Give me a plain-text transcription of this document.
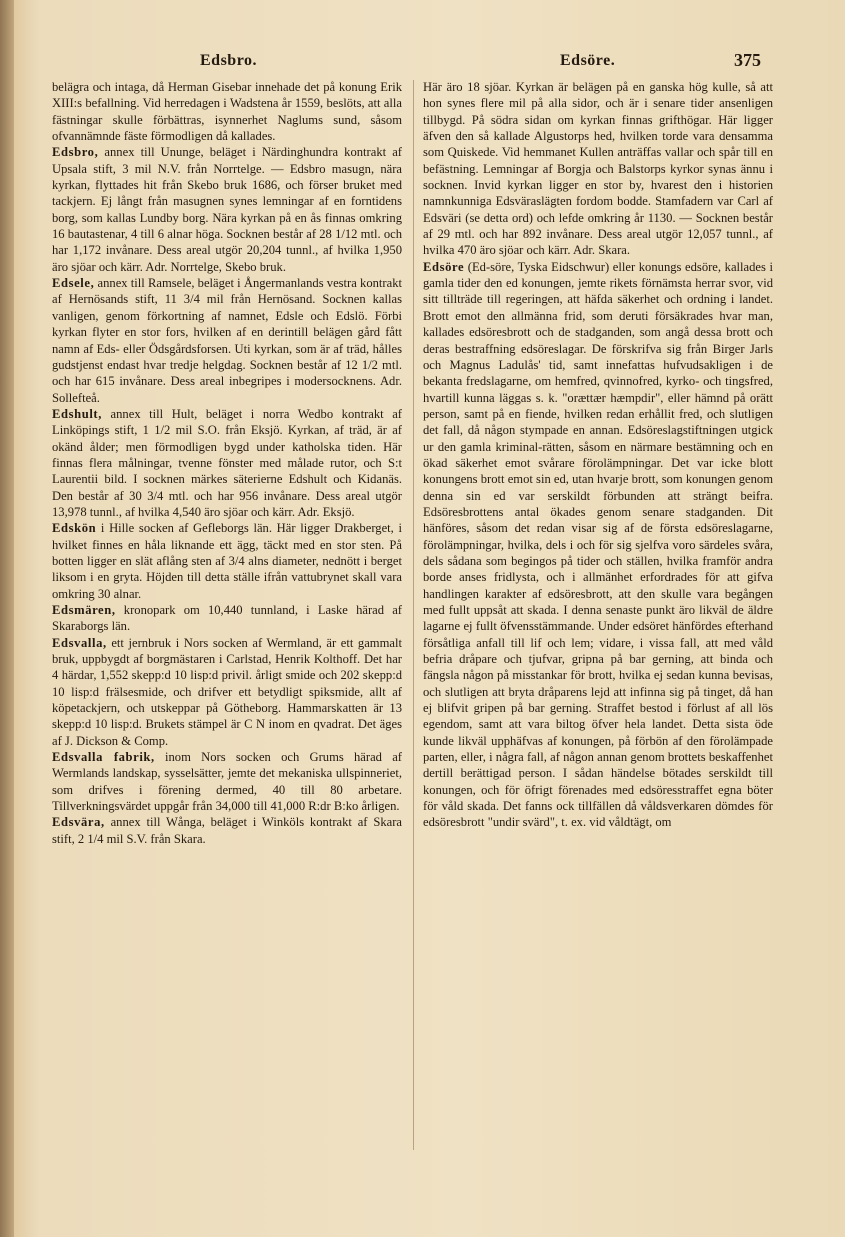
Edsbro.	Edsöre.	375

belägra och intaga, då Herman Gisebar innehade det på konung Erik XIII:s befallning. Vid herredagen i Wadstena år 1559, beslöts, att alla fästningar skulle förbättras, isynnerhet Naglums sund, såsom ofvannämnde fäste förmodligen då kallades.

Edsbro, annex till Ununge, beläget i Närdinghundra kontrakt af Upsala stift, 3 mil N.V. från Norrtelge. — Edsbro masugn, nära kyrkan, flyttades hit från Skebo bruk 1686, och förser bruket med tackjern. Ej långt från masugnen synes lemningar af en forntidens borg, som kallas Lundby borg. Nära kyrkan på en ås finnas omkring 16 bautastenar, 4 till 6 alnar höga. Socknen består af 28 1/12 mtl. och har 1,172 invånare. Dess areal utgör 20,204 tunnl., af hvilka 1,950 äro sjöar och kärr. Adr. Norrtelge, Skebo bruk.

Edsele, annex till Ramsele, beläget i Ångermanlands vestra kontrakt af Hernösands stift, 11 3/4 mil från Hernösand. Socknen kallas vanligen, genom förkortning af namnet, Edsle och Edslö. Förbi kyrkan flyter en stor fors, hvilken af en derintill belägen gård fått namn af Eds- eller Ödsgårdsforsen. Uti kyrkan, som är af träd, hålles gudstjenst endast hvar tredje helgdag. Socknen består af 12 1/2 mtl. och har 615 invånare. Dess areal inbegripes i modersocknens. Adr. Sollefteå.

Edshult, annex till Hult, beläget i norra Wedbo kontrakt af Linköpings stift, 1 1/2 mil S.O. från Eksjö. Kyrkan, af träd, är af okänd ålder; men förmodligen bygd under katholska tiden. Här finnas flera målningar, tvenne fönster med målade rutor, och S:t Laurentii bild. I socknen märkes säterierne Edshult och Kidanäs. Den består af 30 3/4 mtl. och har 956 invånare. Dess areal utgör 13,978 tunnl., af hvilka 4,540 äro sjöar och kärr. Adr. Eksjö.

Edskön i Hille socken af Gefleborgs län. Här ligger Drakberget, i hvilket finnes en håla liknande ett ägg, täckt med en stor sten. På botten ligger en slät aflång sten af 3/4 alns diameter, nednött i berget liksom i en gryta. Höjden till detta ställe ifrån vattubrynet skall vara omkring 30 alnar.

Edsmären, kronopark om 10,440 tunnland, i Laske härad af Skaraborgs län.

Edsvalla, ett jernbruk i Nors socken af Wermland, är ett gammalt bruk, uppbygdt af borgmästaren i Carlstad, Henrik Kolthoff. Det har 4 härdar, 1,552 skepp:d 10 lisp:d privil. årligt smide och 202 skepp:d 10 lisp:d frälsesmide, och drifver ett betydligt spiksmide, allt af köpetackjern, och utskeppar på Götheborg. Hammarskatten är 13 skepp:d 10 lisp:d. Brukets stämpel är C N inom en qvadrat. Det äges af J. Dickson & Comp.

Edsvalla fabrik, inom Nors socken och Grums härad af Wermlands landskap, sysselsätter, jemte det mekaniska ullspinneriet, som drifves i förening dermed, 40 till 80 arbetare. Tillverkningsvärdet uppgår från 34,000 till 41,000 R:dr B:ko årligen.

Edsvära, annex till Wånga, beläget i Winköls kontrakt af Skara stift, 2 1/4 mil S.V. från Skara.

Här äro 18 sjöar. Kyrkan är belägen på en ganska hög kulle, så att hon synes flere mil på alla sidor, och är i senare tider ansenligen tillbygd. På södra sidan om kyrkan finnas grifthögar. Här ligger äfven den så kallade Algustorps hed, hvilken torde vara densamma som Quiskede. Vid hemmanet Kullen anträffas vallar och spår till en befästning. Lemningar af Borgja och Balstorps kyrkor synas ännu i socknen. Invid kyrkan ligger en stor by, hvarest den i historien namnkunniga Edsväraslägten fordom bodde. Stamfadern var Carl af Edsväri (se detta ord) och lefde omkring år 1130. — Socknen består af 29 mtl. och har 892 invånare. Dess areal utgör 12,057 tunnl., af hvilka 470 äro sjöar och kärr. Adr. Skara.

Edsöre (Ed-söre, Tyska Eidschwur) eller konungs edsöre, kallades i gamla tider den ed konungen, jemte rikets förnämsta herrar svor, vid sitt tillträde till regeringen, att häfda säkerhet och ordning i landet. Brott emot den allmänna frid, som deruti försäkrades hvar man, kallades edsöresbrott och de stadganden, som angå dessa brott och deras bestraffning edsöreslagar. De förskrifva sig från Birger Jarls och Magnus Ladulås' tid, samt innefattas hufvudsakligen i de bekanta fredslagarne, om hemfred, qvinnofred, kyrko- och tingsfred, hvartill kunna läggas s. k. "orættær hæmpdir", eller hämnd på orätt person, samt på en fiende, hvilken redan erhållit fred, och slutligen det fall, då någon stympade en annan. Edsöreslagstiftningen utgick ur den gamla kriminal-rätten, såsom en närmare bestämning och en ökad säkerhet emot svårare förolämpningar. Det var icke blott konungens brott emot sin ed, utan hvarje brott, som konungen genom denna sin ed var serskildt förbunden att strängt beifra. Edsöresbrottens antal ökades genom senare stadganden. Dit hänföres, såsom det redan visar sig af de första edsöreslagarne, förolämpningar, hvilka, dels i och för sig sjelfva voro särdeles svåra, dels sådana som begingos på tider och ställen, hvilka framför andra borde anses fridlysta, och i allmänhet erfordrades för att gifva handlingen karakter af edsöresbrott, att den skulle vara begången med fullt uppsåt att skada. I denna senaste punkt äro likväl de äldre lagarne ej fullt öfvensstämmande. Under edsöret hänfördes efterhand försåtliga anfall till lif och lem; vidare, i vissa fall, att med våld befria dråpare och tjufvar, gripna på bar gerning, att binda och fängsla någon på misstankar för brott, hvilka ej sedan kunna bevisas, och slutligen att bryta dråparens lejd att infinna sig på tinget, då han ej blifvit gripen på bar gerning. Straffet bestod i förlust af all lös egendom, samt att vara biltog öfver hela landet. Detta sista öde kunde likväl upphäfvas af konungen, på förbön af den förolämpade parten, eller, i några fall, af någon annan genom brottets beskaffenhet dertill berättigad person. I sådan händelse bötades serskildt till konungen, och för öfrigt förenades med edsöresstraffet egna böter för våld skada. Det fanns ock tillfällen då våldsverkaren dömdes för edsöresbrott "undir svärd", t. ex. vid våldtägt, om
